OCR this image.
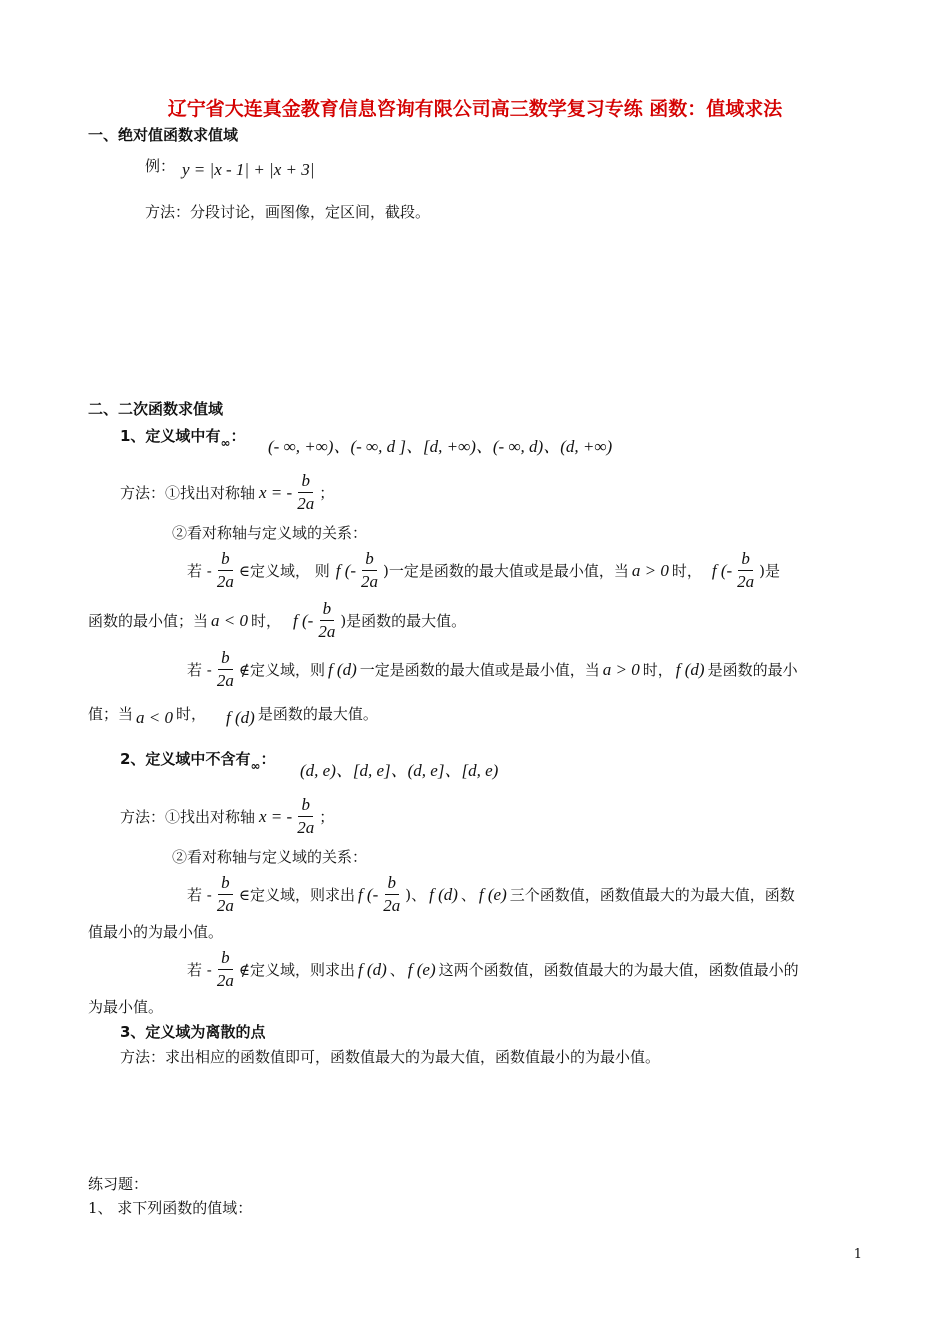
辽宁省大连真金教育信息咨询有限公司高三数学复习专练 函数：值域求法
一、绝对值函数求值域
例： y = |x - 1| + |x + 3|
方法：分段讨论，画图像，定区间，截段。
二、二次函数求值域
1、定义域中有$_\infty$：
(- ∞, +∞)、(- ∞, d ]、[d, +∞)、(- ∞, d)、(d, +∞)
方法：①找出对称轴 x = - $\frac{b}{2a}$ ；
②看对称轴与定义域的关系：
若 - $\frac{b}{2a}$ ∈定义域， 则 f (- $\frac{b}{2a}$ )一定是函数的最大值或是最小值，当 a > 0 时， f (- $\frac{b}{2a}$ )是
函数的最小值；当 a < 0 时， f (- $\frac{b}{2a}$ )是函数的最大值。
若 - $\frac{b}{2a}$ ∉定义域，则 f (d) 一定是函数的最大值或是最小值，当 a > 0 时， f (d) 是函数的最小
值；当 a < 0 时， f (d) 是函数的最大值。
2、定义域中不含有$_\infty$：
(d, e)、[d, e]、(d, e]、[d, e)
方法：①找出对称轴 x = - $\frac{b}{2a}$ ；
②看对称轴与定义域的关系：
若 - $\frac{b}{2a}$ ∈定义域，则求出 f (- $\frac{b}{2a}$ )、 f (d) 、 f (e) 三个函数值，函数值最大的为最大值，函数
值最小的为最小值。
若 - $\frac{b}{2a}$ ∉定义域，则求出 f (d) 、 f (e) 这两个函数值，函数值最大的为最大值，函数值最小的
为最小值。
3、定义域为离散的点
方法：求出相应的函数值即可，函数值最大的为最大值，函数值最小的为最小值。
练习题：
1、 求下列函数的值域：
1
